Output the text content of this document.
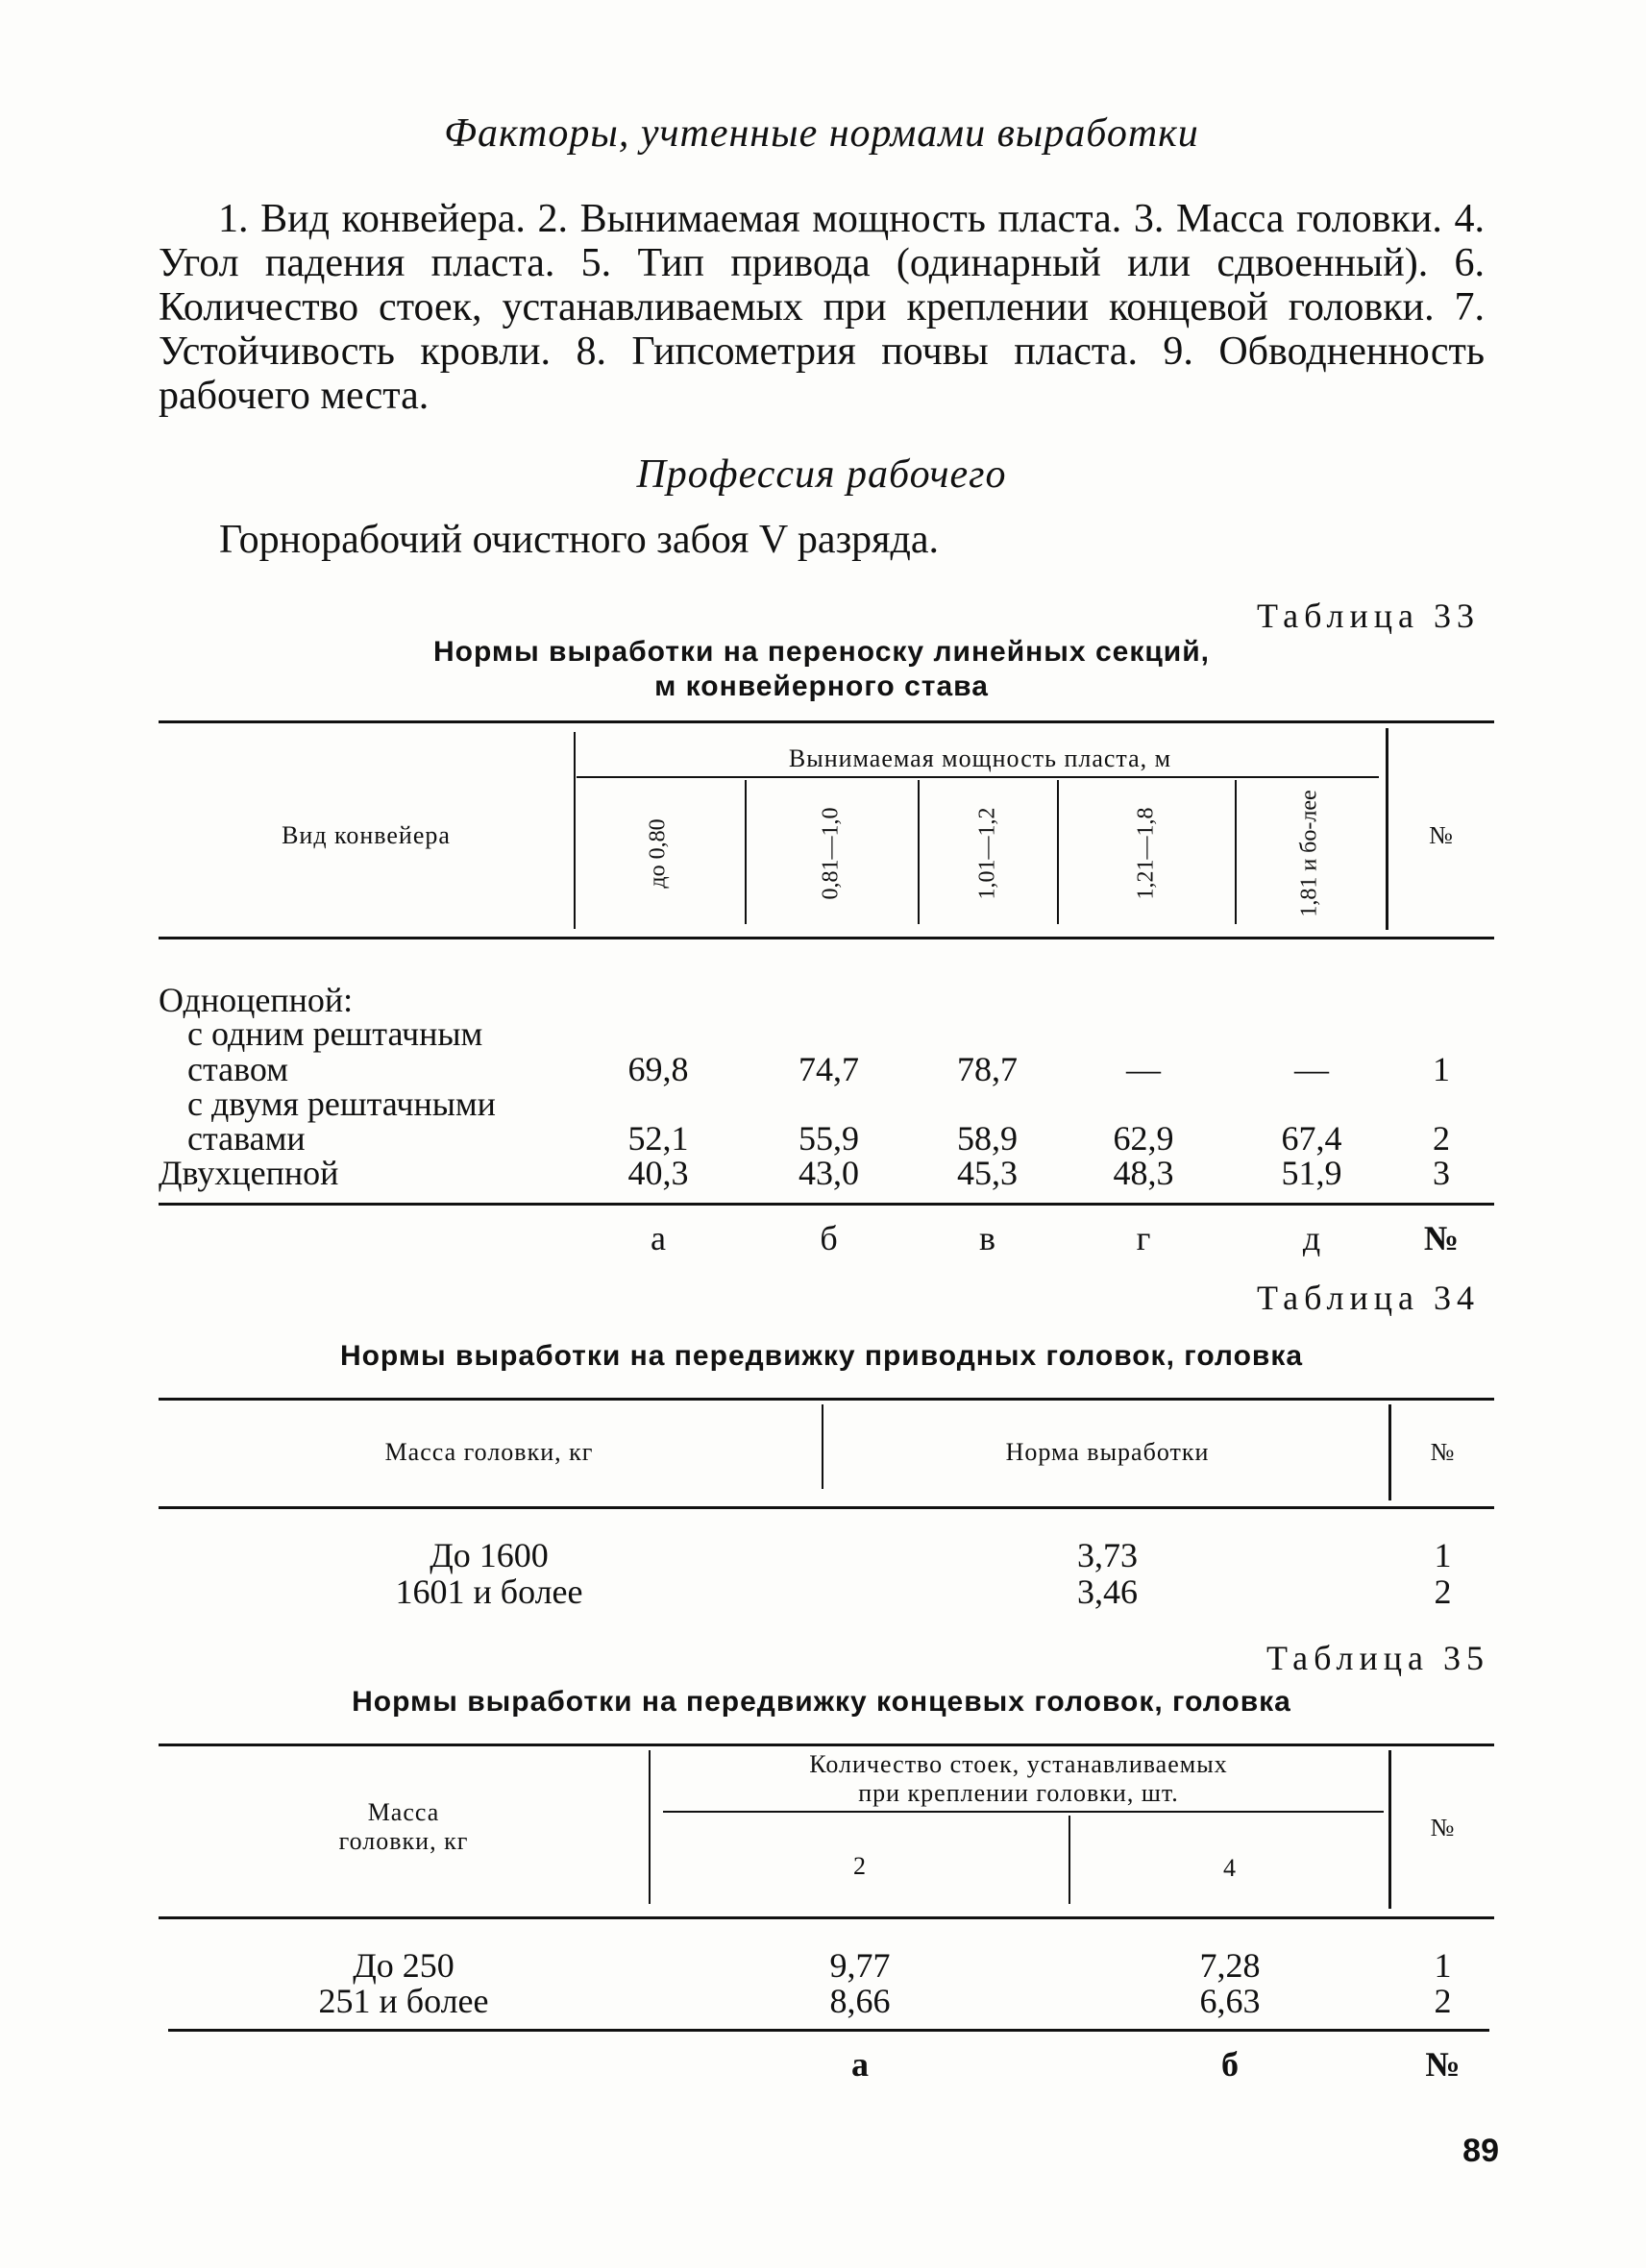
Факторы, учтенные нормами выработки
1. Вид конвейера. 2. Вынимаемая мощность пласта. 3. Масса головки. 4. Угол падения пласта. 5. Тип привода (одинарный или сдвоенный). 6. Количество стоек, устанавливаемых при креплении концевой головки. 7. Устойчивость кровли. 8. Гипсометрия почвы пласта. 9. Обводненность рабочего места.
Профессия рабочего
Горнорабочий очистного забоя V разряда.
Таблица 33
Нормы выработки на переноску линейных секций,
м конвейерного става
Вид конвейера
Вынимаемая мощность пласта, м
до 0,80	0,81—1,0	1,01—1,2	1,21—1,8	1,81 и бо-лее	№
Одноцепной:
с одним рештачным
ставом	69,8	74,7	78,7	—	—	1
с двумя рештачными
ставами	52,1	55,9	58,9	62,9	67,4	2
Двухцепной	40,3	43,0	45,3	48,3	51,9	3
а	б	в	г	д	№
Таблица 34
Нормы выработки на передвижку приводных головок, головка
Масса головки, кг	Норма выработки	№
До 1600	3,73	1
1601 и более	3,46	2
Таблица 35
Нормы выработки на передвижку концевых головок, головка
Масса
головки, кг
Количество стоек, устанавливаемых
при креплении головки, шт.
2	4
№
До 250	9,77	7,28	1
251 и более	8,66	6,63	2
а	б	№
89
